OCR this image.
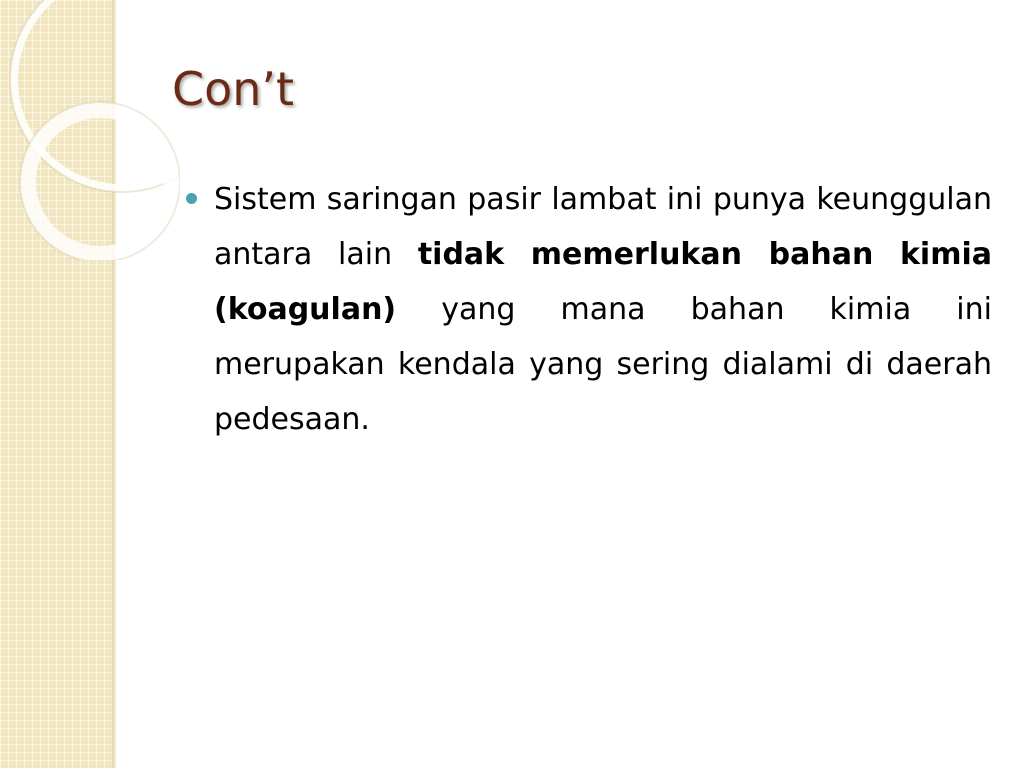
Con’t
Sistem saringan pasir lambat ini punya keunggulan antara lain tidak memerlukan bahan kimia (koagulan) yang mana bahan kimia ini merupakan kendala yang sering dialami di daerah pedesaan.
